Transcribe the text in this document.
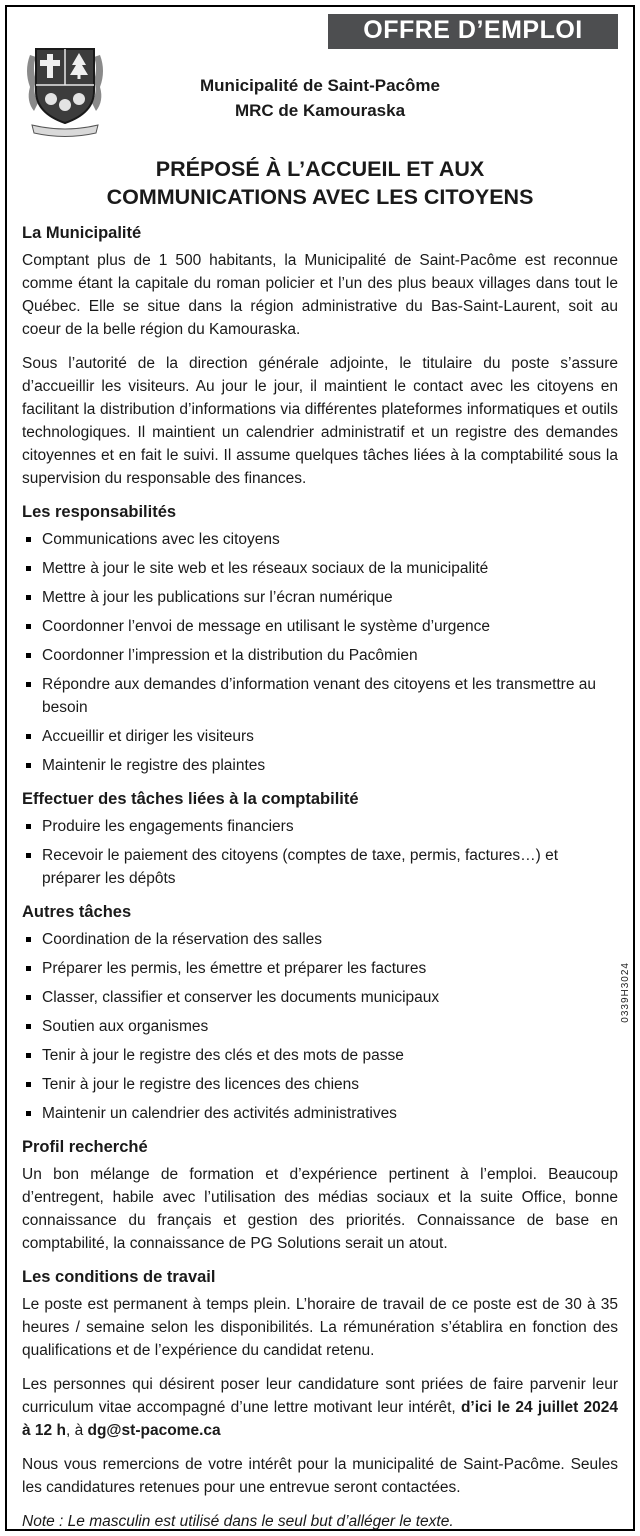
OFFRE D’EMPLOI
Municipalité de Saint-Pacôme
MRC de Kamouraska
PRÉPOSÉ À L’ACCUEIL ET AUX
COMMUNICATIONS AVEC LES CITOYENS
La Municipalité

Comptant plus de 1 500 habitants, la Municipalité de Saint-Pacôme est reconnue comme étant la capitale du roman policier et l’un des plus beaux villages dans tout le Québec. Elle se situe dans la région administrative du Bas-Saint-Laurent, soit au coeur de la belle région du Kamouraska.

Sous l’autorité de la direction générale adjointe, le titulaire du poste s’assure d’accueillir les visiteurs. Au jour le jour, il maintient le contact avec les citoyens en facilitant la distribution d’informations via différentes plateformes informatiques et outils technologiques. Il maintient un calendrier administratif et un registre des demandes citoyennes et en fait le suivi. Il assume quelques tâches liées à la comptabilité sous la supervision du responsable des finances.

Les responsabilités
Communications avec les citoyens
Mettre à jour le site web et les réseaux sociaux de la municipalité
Mettre à jour les publications sur l’écran numérique
Coordonner l’envoi de message en utilisant le système d’urgence
Coordonner l’impression et la distribution du Pacômien
Répondre aux demandes d’information venant des citoyens et les transmettre au besoin
Accueillir et diriger les visiteurs
Maintenir le registre des plaintes
Effectuer des tâches liées à la comptabilité
Produire les engagements financiers
Recevoir le paiement des citoyens (comptes de taxe, permis, factures…) et préparer les dépôts
Autres tâches
Coordination de la réservation des salles
Préparer les permis, les émettre et préparer les factures
Classer, classifier et conserver les documents municipaux
Soutien aux organismes
Tenir à jour le registre des clés et des mots de passe
Tenir à jour le registre des licences des chiens
Maintenir un calendrier des activités administratives
Profil recherché

Un bon mélange de formation et d’expérience pertinent à l’emploi. Beaucoup d’entregent, habile avec l’utilisation des médias sociaux et la suite Office, bonne connaissance du français et gestion des priorités. Connaissance de base en comptabilité, la connaissance de PG Solutions serait un atout.

Les conditions de travail

Le poste est permanent à temps plein. L’horaire de travail de ce poste est de 30 à 35 heures / semaine selon les disponibilités. La rémunération s’établira en fonction des qualifications et de l’expérience du candidat retenu.

Les personnes qui désirent poser leur candidature sont priées de faire parvenir leur curriculum vitae accompagné d’une lettre motivant leur intérêt, d’ici le 24 juillet 2024 à 12 h, à dg@st-pacome.ca

Nous vous remercions de votre intérêt pour la municipalité de Saint-Pacôme. Seules les candidatures retenues pour une entrevue seront contactées.

Note : Le masculin est utilisé dans le seul but d’alléger le texte.

0339H3024
